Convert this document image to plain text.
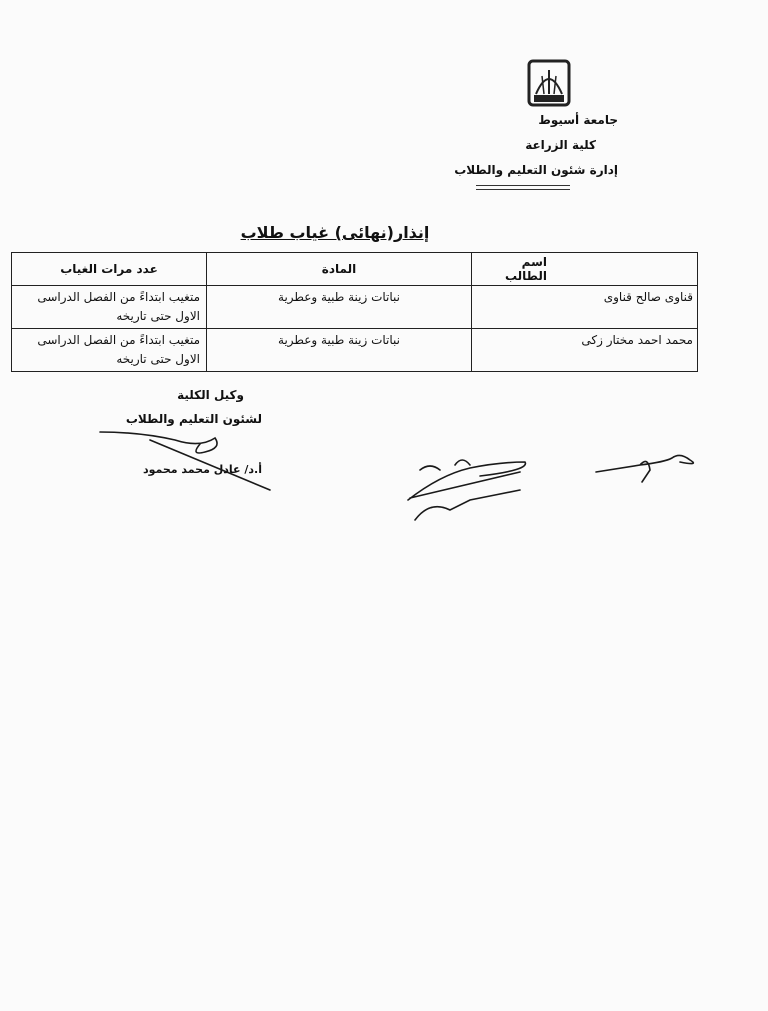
جامعة أسيوط
كلية الزراعة
إدارة شئون التعليم والطلاب
إنذار(نهائى) غياب طلاب
اسم الطالب	المادة	عدد مرات الغياب
قناوى صالح قناوى	نباتات زينة طبية وعطرية	متغيب ابتداءً من الفصل الدراسى الاول حتى تاريخه
محمد احمد مختار زكى	نباتات زينة طبية وعطرية	متغيب ابتداءً من الفصل الدراسى الاول حتى تاريخه
وكيل الكلية
لشئون التعليم والطلاب
أ.د/ عادل محمد محمود
